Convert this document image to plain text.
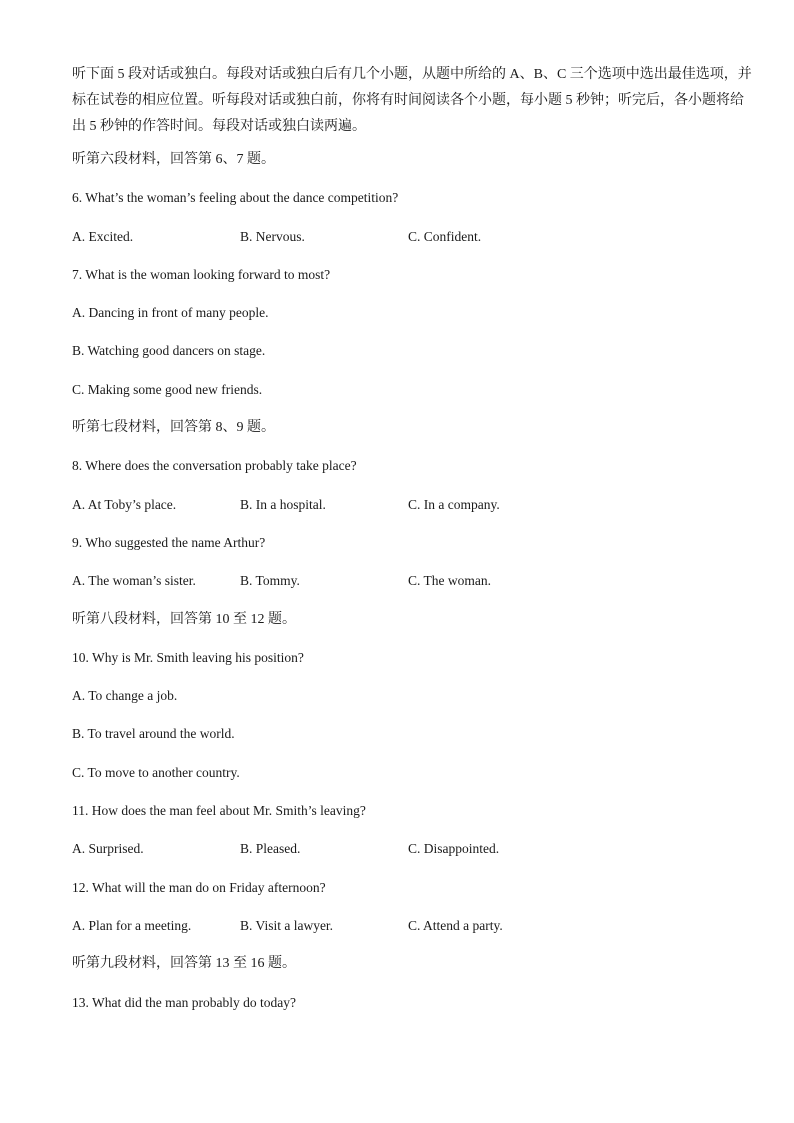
听下面 5 段对话或独白。每段对话或独白后有几个小题，从题中所给的 A、B、C 三个选项中选出最佳选项，并标在试卷的相应位置。听每段对话或独白前，你将有时间阅读各个小题，每小题 5 秒钟；听完后，各小题将给出 5 秒钟的作答时间。每段对话或独白读两遍。

听第六段材料，回答第 6、7 题。
6. What’s the woman’s feeling about the dance competition?
A. Excited.	B. Nervous.	C. Confident.
7. What is the woman looking forward to most?
A. Dancing in front of many people.
B. Watching good dancers on stage.
C. Making some good new friends.
听第七段材料，回答第 8、9 题。
8. Where does the conversation probably take place?
A. At Toby’s place.	B. In a hospital.	C. In a company.
9. Who suggested the name Arthur?
A. The woman’s sister.	B. Tommy.	C. The woman.
听第八段材料，回答第 10 至 12 题。
10. Why is Mr. Smith leaving his position?
A. To change a job.
B. To travel around the world.
C. To move to another country.
11. How does the man feel about Mr. Smith’s leaving?
A. Surprised.	B. Pleased.	C. Disappointed.
12. What will the man do on Friday afternoon?
A. Plan for a meeting.	B. Visit a lawyer.	C. Attend a party.
听第九段材料，回答第 13 至 16 题。
13. What did the man probably do today?
